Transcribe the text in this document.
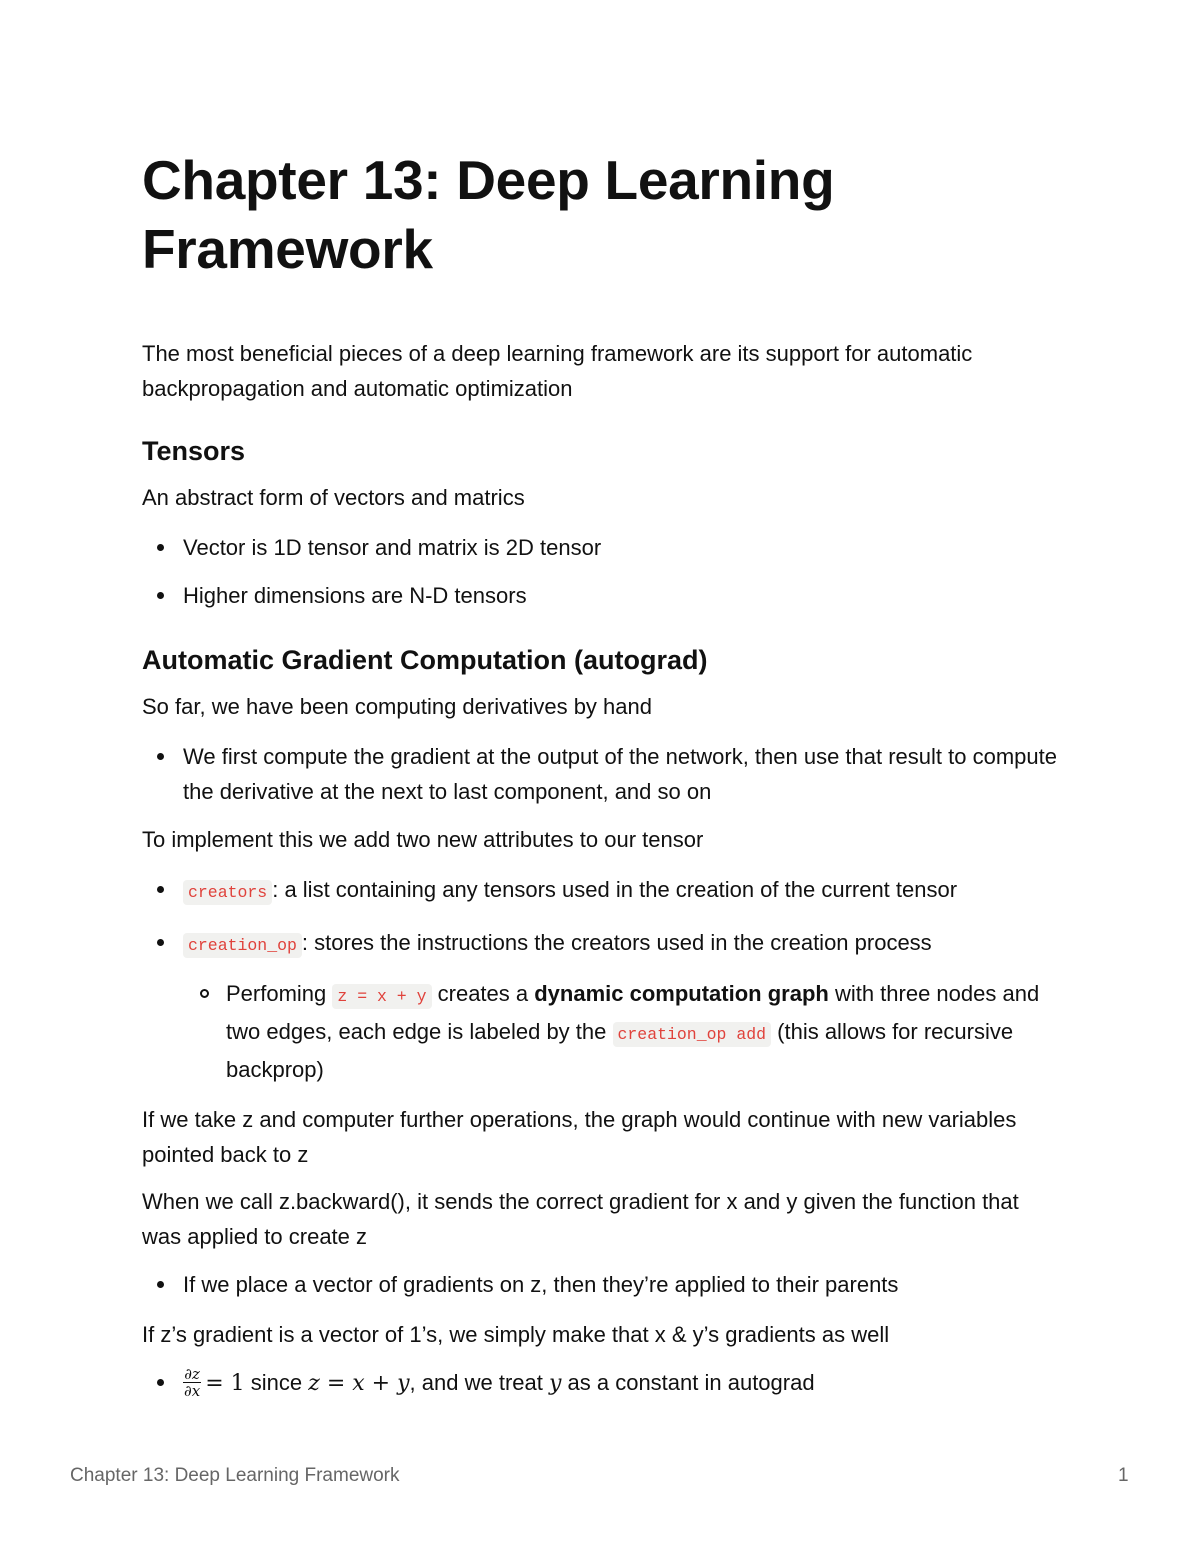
Chapter 13: Deep Learning
Framework

The most beneficial pieces of a deep learning framework are its support for automatic backpropagation and automatic optimization

Tensors

An abstract form of vectors and matrics

Vector is 1D tensor and matrix is 2D tensor
Higher dimensions are N-D tensors
Automatic Gradient Computation (autograd)

So far, we have been computing derivatives by hand

We first compute the gradient at the output of the network, then use that result to compute the derivative at the next to last component, and so on

To implement this we add two new attributes to our tensor

creators : a list containing any tensors used in the creation of the current tensor
creation_op : stores the instructions the creators used in the creation process
Perfoming z = x + y creates a dynamic computation graph with three nodes and two edges, each edge is labeled by the creation_op add (this allows for recursive backprop)

If we take z and computer further operations, the graph would continue with new variables pointed back to z

When we call z.backward(), it sends the correct gradient for x and y given the function that was applied to create z

If we place a vector of gradients on z, then they’re applied to their parents

If z’s gradient is a vector of 1’s, we simply make that x & y’s gradients as well

$\frac{\partial z}{\partial x} = 1$ since z = x + y, and we treat y as a constant in autograd
Chapter 13: Deep Learning Framework	1
